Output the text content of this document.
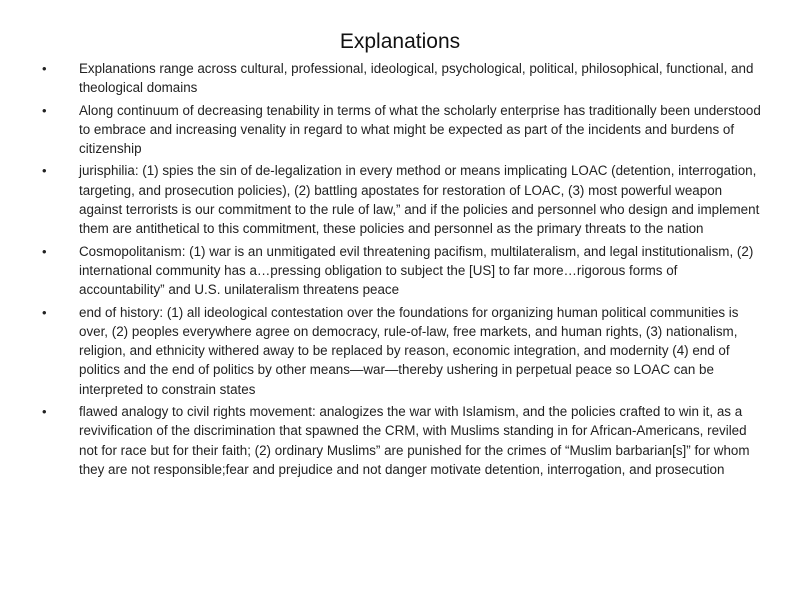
Explanations
•	Explanations range across cultural, professional, ideological, psychological, political, philosophical, functional, and theological domains
•	Along continuum of decreasing tenability in terms of what the scholarly enterprise has traditionally been understood to embrace and increasing venality in regard to what might be expected as part of the incidents and burdens of citizenship
•	jurisphilia: (1) spies the sin of de-legalization in every method or means implicating LOAC (detention, interrogation, targeting, and prosecution policies), (2) battling apostates for restoration of LOAC, (3) most powerful weapon against terrorists is our commitment to the rule of law,” and if the policies and personnel who design and implement them are antithetical to this commitment, these policies and personnel as the primary threats to the nation
•	Cosmopolitanism: (1) war is an unmitigated evil threatening pacifism, multilateralism, and legal institutionalism, (2) international community has a…pressing obligation to subject the [US] to far more…rigorous forms of accountability” and U.S. unilateralism threatens peace
•	end of history: (1) all ideological contestation over the foundations for organizing human political communities is over, (2) peoples everywhere agree on democracy, rule-of-law, free markets, and human rights, (3) nationalism, religion, and ethnicity withered away to be replaced by reason, economic integration, and modernity (4) end of politics and the end of politics by other means—war—thereby ushering in perpetual peace so LOAC can be interpreted to constrain states
•	flawed analogy to civil rights movement: analogizes the war with Islamism, and the policies crafted to win it, as a revivification of the discrimination that spawned the CRM, with Muslims standing in for African-Americans, reviled not for race but for their faith; (2) ordinary Muslims” are punished for the crimes of “Muslim barbarian[s]” for whom they are not responsible;fear and prejudice and not danger motivate detention, interrogation, and prosecution
